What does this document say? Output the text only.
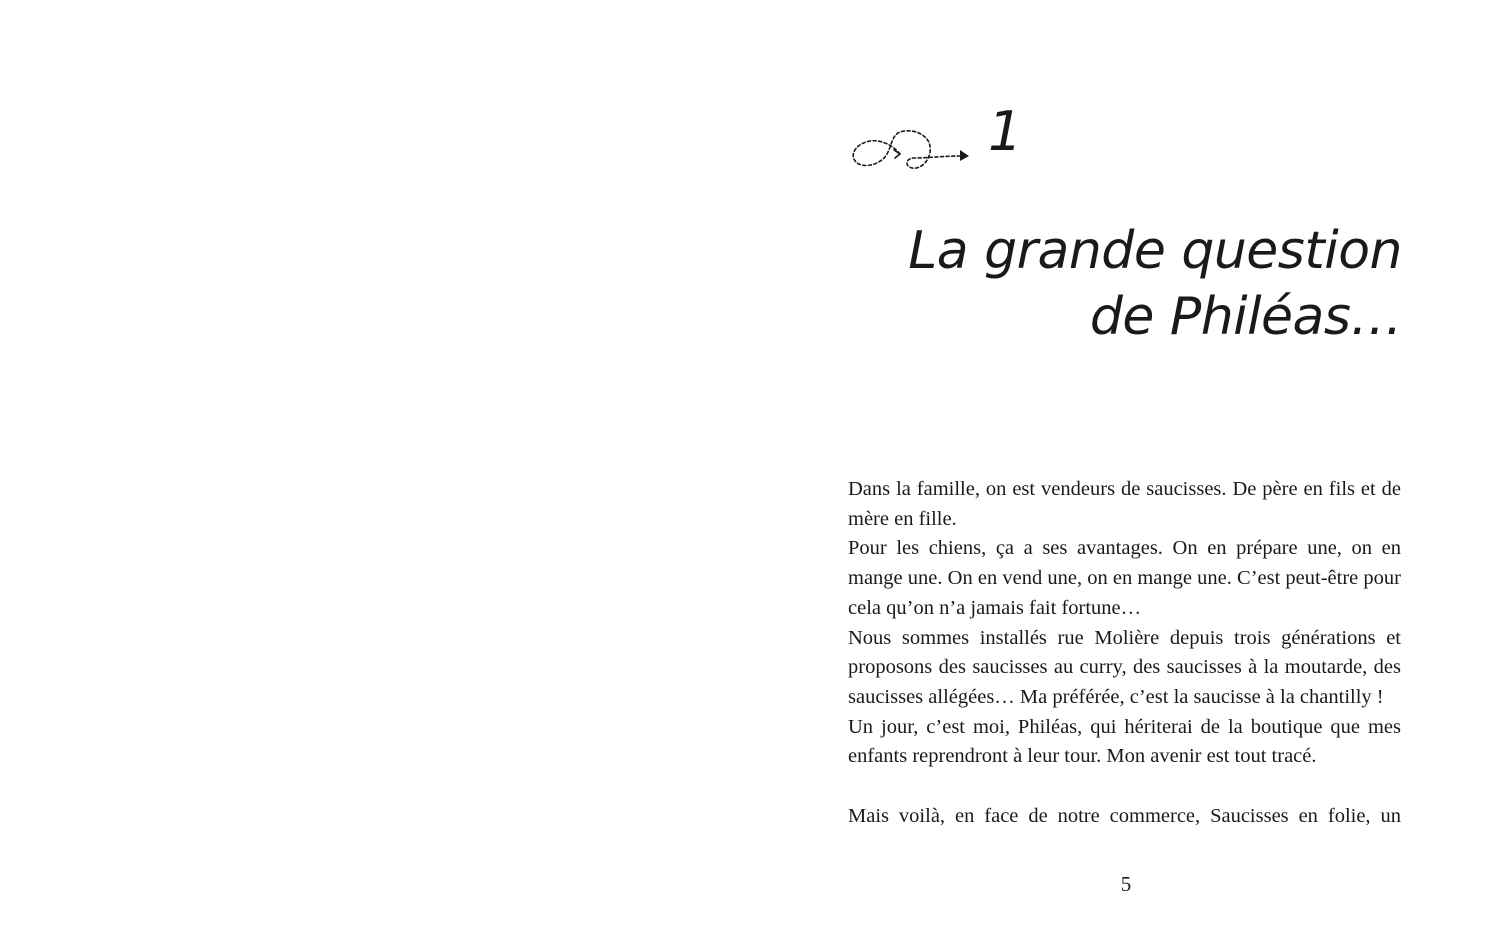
1
La grande question
de Philéas…

Dans la famille, on est vendeurs de saucisses. De père en fils et de mère en fille.

Pour les chiens, ça a ses avantages. On en prépare une, on en mange une. On en vend une, on en mange une. C’est peut-être pour cela qu’on n’a jamais fait fortune…

Nous sommes installés rue Molière depuis trois générations et proposons des saucisses au curry, des saucisses à la moutarde, des saucisses allégées… Ma préférée, c’est la saucisse à la chantilly !

Un jour, c’est moi, Philéas, qui hériterai de la boutique que mes enfants reprendront à leur tour. Mon avenir est tout tracé.

Mais voilà, en face de notre commerce, Saucisses en folie, un

5
